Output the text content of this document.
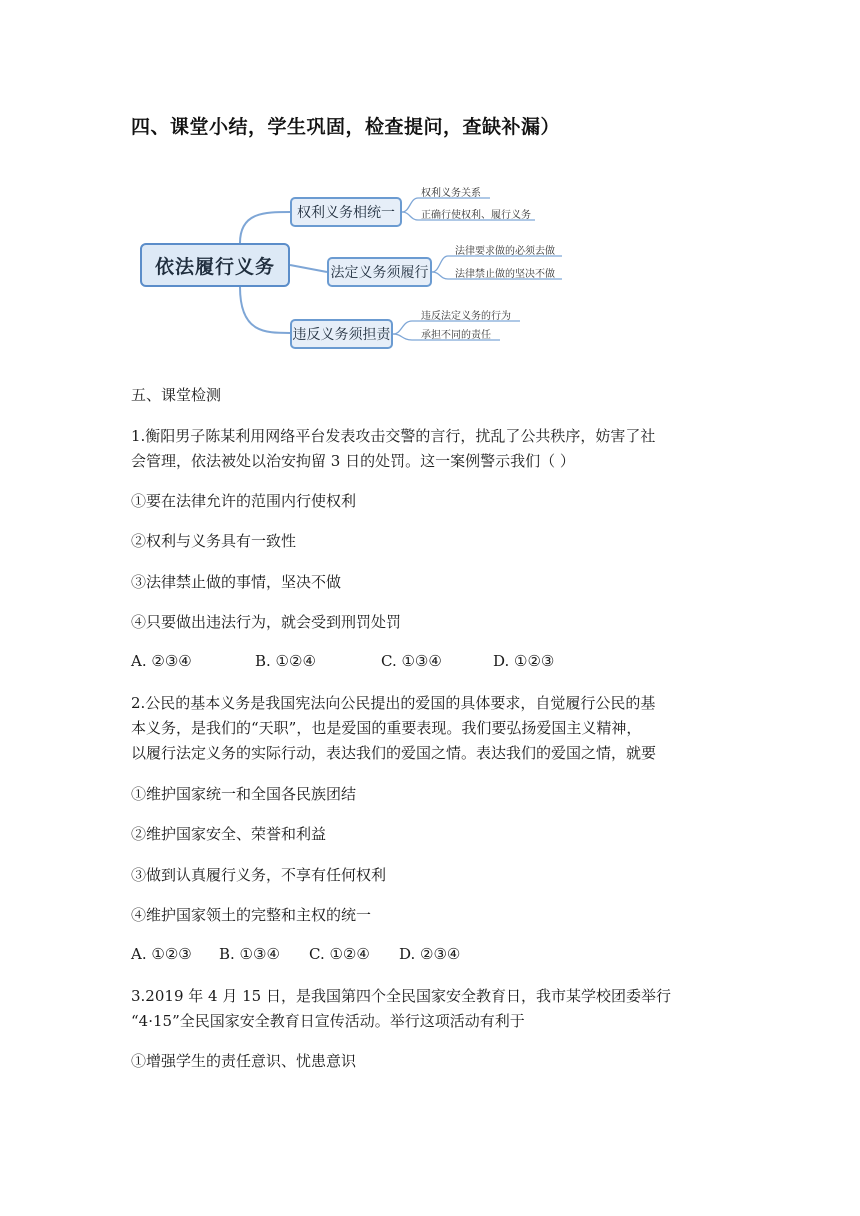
四、课堂小结，学生巩固，检查提问，查缺补漏）
依法履行义务
权利义务相统一
法定义务须履行
违反义务须担责
权利义务关系
正确行使权利、履行义务
法律要求做的必须去做
法律禁止做的坚决不做
违反法定义务的行为
承担不同的责任
五、课堂检测
1.衡阳男子陈某利用网络平台发表攻击交警的言行，扰乱了公共秩序，妨害了社
会管理，依法被处以治安拘留 3 日的处罚。这一案例警示我们（ ）
①要在法律允许的范围内行使权利
②权利与义务具有一致性
③法律禁止做的事情，坚决不做
④只要做出违法行为，就会受到刑罚处罚
A. ②③④	B. ①②④	C. ①③④	D. ①②③
2.公民的基本义务是我国宪法向公民提出的爱国的具体要求，自觉履行公民的基
本义务，是我们的“天职”，也是爱国的重要表现。我们要弘扬爱国主义精神，
以履行法定义务的实际行动，表达我们的爱国之情。表达我们的爱国之情，就要
①维护国家统一和全国各民族团结
②维护国家安全、荣誉和利益
③做到认真履行义务，不享有任何权利
④维护国家领土的完整和主权的统一
A. ①②③ B. ①③④ C. ①②④ D. ②③④
3.2019 年 4 月 15 日，是我国第四个全民国家安全教育日，我市某学校团委举行
“4·15”全民国家安全教育日宣传活动。举行这项活动有利于
①增强学生的责任意识、忧患意识
